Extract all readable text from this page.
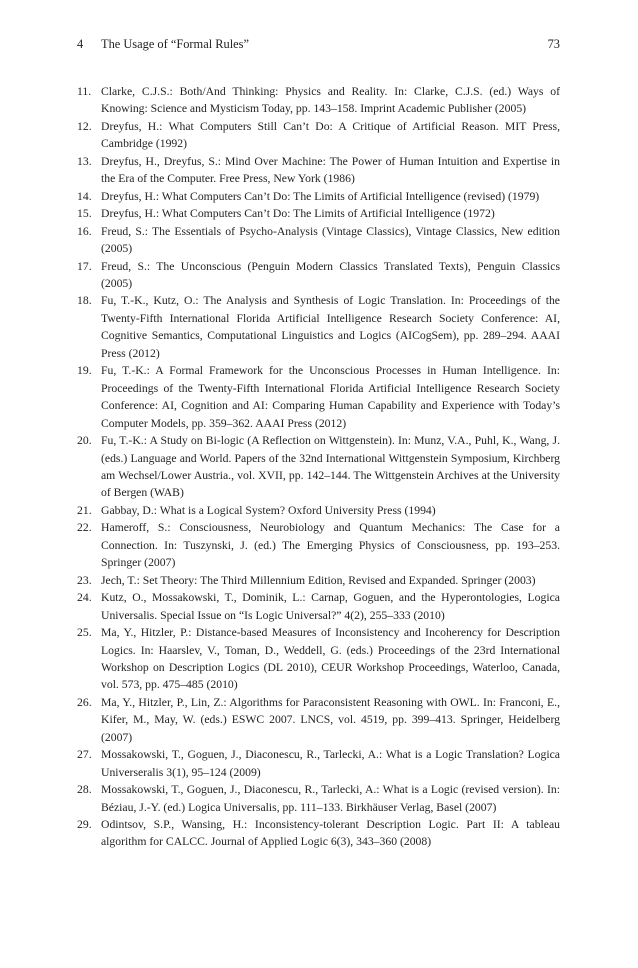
4 The Usage of “Formal Rules”	73
11. Clarke, C.J.S.: Both/And Thinking: Physics and Reality. In: Clarke, C.J.S. (ed.) Ways of Knowing: Science and Mysticism Today, pp. 143–158. Imprint Academic Publisher (2005)
12. Dreyfus, H.: What Computers Still Can’t Do: A Critique of Artificial Reason. MIT Press, Cambridge (1992)
13. Dreyfus, H., Dreyfus, S.: Mind Over Machine: The Power of Human Intuition and Expertise in the Era of the Computer. Free Press, New York (1986)
14. Dreyfus, H.: What Computers Can’t Do: The Limits of Artificial Intelligence (revised) (1979)
15. Dreyfus, H.: What Computers Can’t Do: The Limits of Artificial Intelligence (1972)
16. Freud, S.: The Essentials of Psycho-Analysis (Vintage Classics), Vintage Classics, New edition (2005)
17. Freud, S.: The Unconscious (Penguin Modern Classics Translated Texts), Penguin Classics (2005)
18. Fu, T.-K., Kutz, O.: The Analysis and Synthesis of Logic Translation. In: Proceedings of the Twenty-Fifth International Florida Artificial Intelligence Research Society Conference: AI, Cognitive Semantics, Computational Linguistics and Logics (AICogSem), pp. 289–294. AAAI Press (2012)
19. Fu, T.-K.: A Formal Framework for the Unconscious Processes in Human Intelligence. In: Proceedings of the Twenty-Fifth International Florida Artificial Intelligence Research Society Conference: AI, Cognition and AI: Comparing Human Capability and Experience with Today’s Computer Models, pp. 359–362. AAAI Press (2012)
20. Fu, T.-K.: A Study on Bi-logic (A Reflection on Wittgenstein). In: Munz, V.A., Puhl, K., Wang, J. (eds.) Language and World. Papers of the 32nd International Wittgenstein Symposium, Kirchberg am Wechsel/Lower Austria., vol. XVII, pp. 142–144. The Wittgenstein Archives at the University of Bergen (WAB)
21. Gabbay, D.: What is a Logical System? Oxford University Press (1994)
22. Hameroff, S.: Consciousness, Neurobiology and Quantum Mechanics: The Case for a Connection. In: Tuszynski, J. (ed.) The Emerging Physics of Consciousness, pp. 193–253. Springer (2007)
23. Jech, T.: Set Theory: The Third Millennium Edition, Revised and Expanded. Springer (2003)
24. Kutz, O., Mossakowski, T., Dominik, L.: Carnap, Goguen, and the Hyperontologies, Logica Universalis. Special Issue on “Is Logic Universal?” 4(2), 255–333 (2010)
25. Ma, Y., Hitzler, P.: Distance-based Measures of Inconsistency and Incoherency for Description Logics. In: Haarslev, V., Toman, D., Weddell, G. (eds.) Proceedings of the 23rd International Workshop on Description Logics (DL 2010), CEUR Workshop Proceedings, Waterloo, Canada, vol. 573, pp. 475–485 (2010)
26. Ma, Y., Hitzler, P., Lin, Z.: Algorithms for Paraconsistent Reasoning with OWL. In: Franconi, E., Kifer, M., May, W. (eds.) ESWC 2007. LNCS, vol. 4519, pp. 399–413. Springer, Heidelberg (2007)
27. Mossakowski, T., Goguen, J., Diaconescu, R., Tarlecki, A.: What is a Logic Translation? Logica Universeralis 3(1), 95–124 (2009)
28. Mossakowski, T., Goguen, J., Diaconescu, R., Tarlecki, A.: What is a Logic (revised version). In: Béziau, J.-Y. (ed.) Logica Universalis, pp. 111–133. Birkhäuser Verlag, Basel (2007)
29. Odintsov, S.P., Wansing, H.: Inconsistency-tolerant Description Logic. Part II: A tableau algorithm for CALCC. Journal of Applied Logic 6(3), 343–360 (2008)
